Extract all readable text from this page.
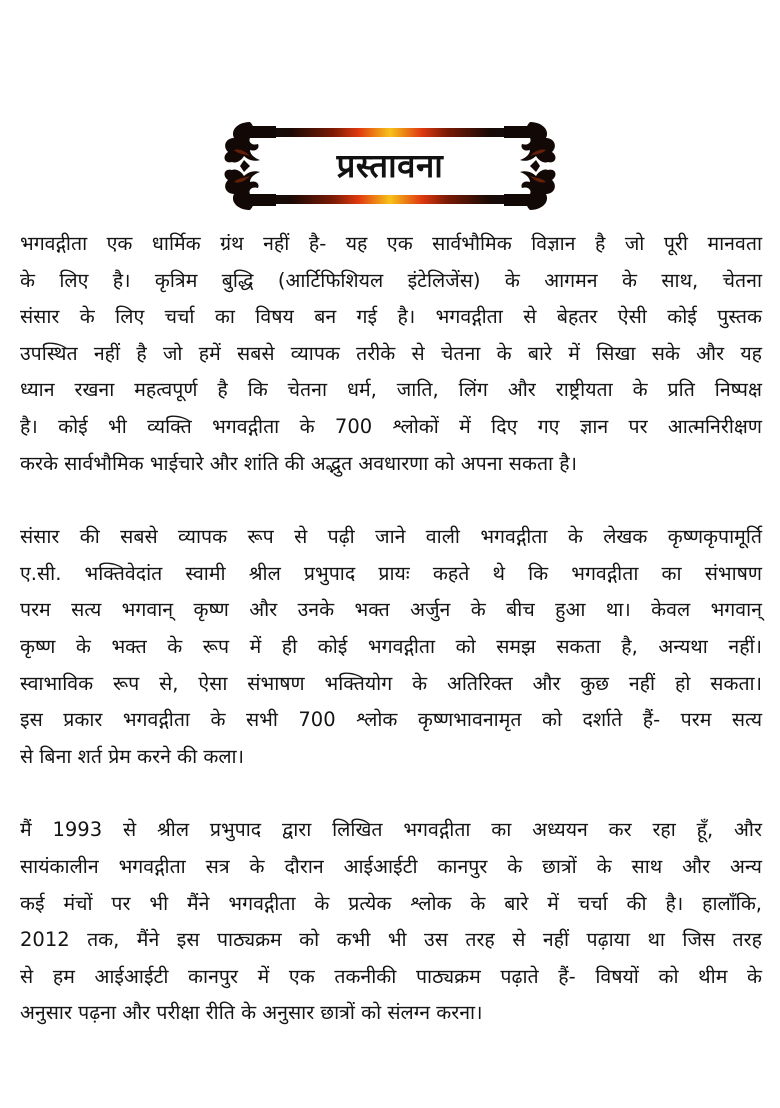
प्रस्तावना

भगवद्गीता एक धार्मिक ग्रंथ नहीं है- यह एक सार्वभौमिक विज्ञान है जो पूरी मानवता
के लिए है। कृत्रिम बुद्धि (आर्टिफिशियल इंटेलिजेंस) के आगमन के साथ, चेतना
संसार के लिए चर्चा का विषय बन गई है। भगवद्गीता से बेहतर ऐसी कोई पुस्तक
उपस्थित नहीं है जो हमें सबसे व्यापक तरीके से चेतना के बारे में सिखा सके और यह
ध्यान रखना महत्वपूर्ण है कि चेतना धर्म, जाति, लिंग और राष्ट्रीयता के प्रति निष्पक्ष
है। कोई भी व्यक्ति भगवद्गीता के 700 श्लोकों में दिए गए ज्ञान पर आत्मनिरीक्षण
करके सार्वभौमिक भाईचारे और शांति की अद्भुत अवधारणा को अपना सकता है।

संसार की सबसे व्यापक रूप से पढ़ी जाने वाली भगवद्गीता के लेखक कृष्णकृपामूर्ति
ए.सी. भक्तिवेदांत स्वामी श्रील प्रभुपाद प्रायः कहते थे कि भगवद्गीता का संभाषण
परम सत्य भगवान् कृष्ण और उनके भक्त अर्जुन के बीच हुआ था। केवल भगवान्
कृष्ण के भक्त के रूप में ही कोई भगवद्गीता को समझ सकता है, अन्यथा नहीं।
स्वाभाविक रूप से, ऐसा संभाषण भक्तियोग के अतिरिक्त और कुछ नहीं हो सकता।
इस प्रकार भगवद्गीता के सभी 700 श्लोक कृष्णभावनामृत को दर्शाते हैं- परम सत्य
से बिना शर्त प्रेम करने की कला।

मैं 1993 से श्रील प्रभुपाद द्वारा लिखित भगवद्गीता का अध्ययन कर रहा हूँ, और
सायंकालीन भगवद्गीता सत्र के दौरान आईआईटी कानपुर के छात्रों के साथ और अन्य
कई मंचों पर भी मैंने भगवद्गीता के प्रत्येक श्लोक के बारे में चर्चा की है। हालाँकि,
2012 तक, मैंने इस पाठ्यक्रम को कभी भी उस तरह से नहीं पढ़ाया था जिस तरह
से हम आईआईटी कानपुर में एक तकनीकी पाठ्यक्रम पढ़ाते हैं- विषयों को थीम के
अनुसार पढ़ना और परीक्षा रीति के अनुसार छात्रों को संलग्न करना।
